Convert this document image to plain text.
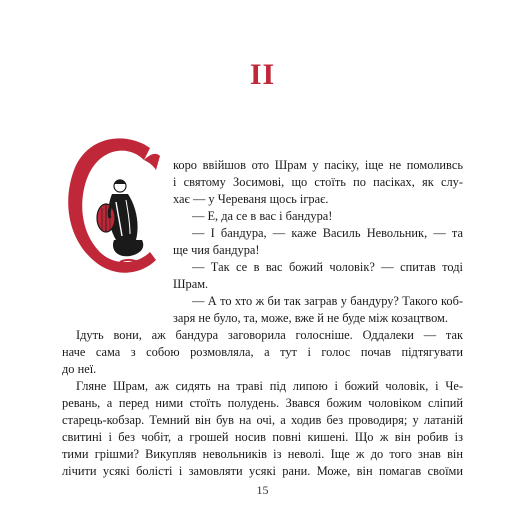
II
коро ввійшов ото Шрам у пасіку, іще не помоливсь
і святому Зосимові, що стоїть по пасіках, як слу-
хає — у Череваня щось іграє.
— Е, да се в вас і бандура!
— І бандура, — каже Василь Невольник, — та
ще чия бандура!
— Так се в вас божий чоловік? — спитав тоді
Шрам.
— А то хто ж би так заграв у бандуру? Такого коб-
заря не було, та, може, вже й не буде між козацтвом.
Ідуть вони, аж бандура заговорила голосніше. Оддалеки — так
наче сама з собою розмовляла, а тут і голос почав підтягувати
до неї.
Гляне Шрам, аж сидять на траві під липою і божий чоловік, і Че-
ревань, а перед ними стоїть полудень. Звався божим чоловіком сліпий
старець-кобзар. Темний він був на очі, а ходив без проводиря; у латаній
свитині і без чобіт, а грошей носив повні кишені. Що ж він робив із
тими грішми? Викупляв невольників із неволі. Іще ж до того знав він
лічити усякі болісті і замовляти усякі рани. Може, він помагав своїми
15
